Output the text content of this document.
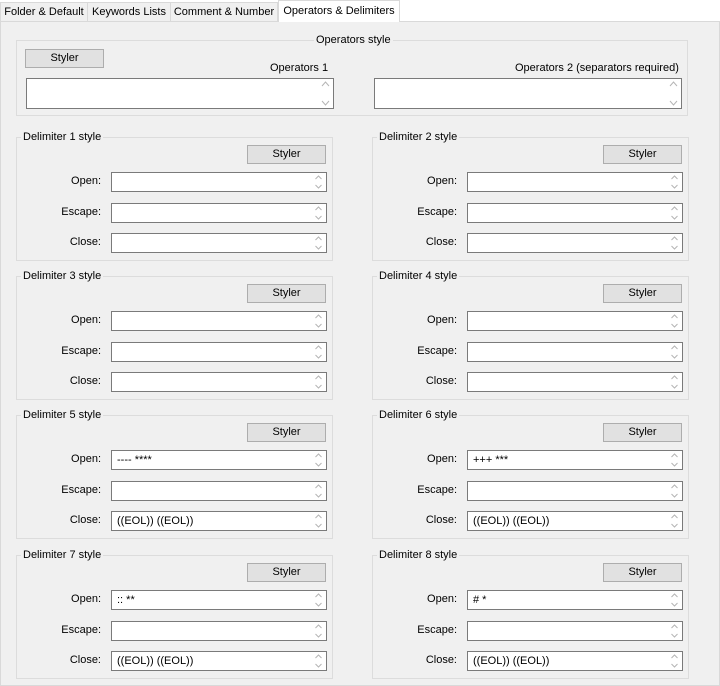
Folder & Default Keywords Lists Comment & Number Operators & Delimiters
Operators style
Styler
Operators 1	Operators 2 (separators required)
Delimiter 1 style
Styler
Open:
Escape:
Close:
Delimiter 2 style
Styler
Open:
Escape:
Close:
Delimiter 3 style
Styler
Open:
Escape:
Close:
Delimiter 4 style
Styler
Open:
Escape:
Close:
Delimiter 5 style
Styler
Open:
Escape:
Close:
---- ****
((EOL)) ((EOL))
Delimiter 6 style
Styler
Open:
Escape:
Close:
+++ ***
((EOL)) ((EOL))
Delimiter 7 style
Styler
Open:
Escape:
Close:
:: **
((EOL)) ((EOL))
Delimiter 8 style
Styler
Open:
Escape:
Close:
# *
((EOL)) ((EOL))
